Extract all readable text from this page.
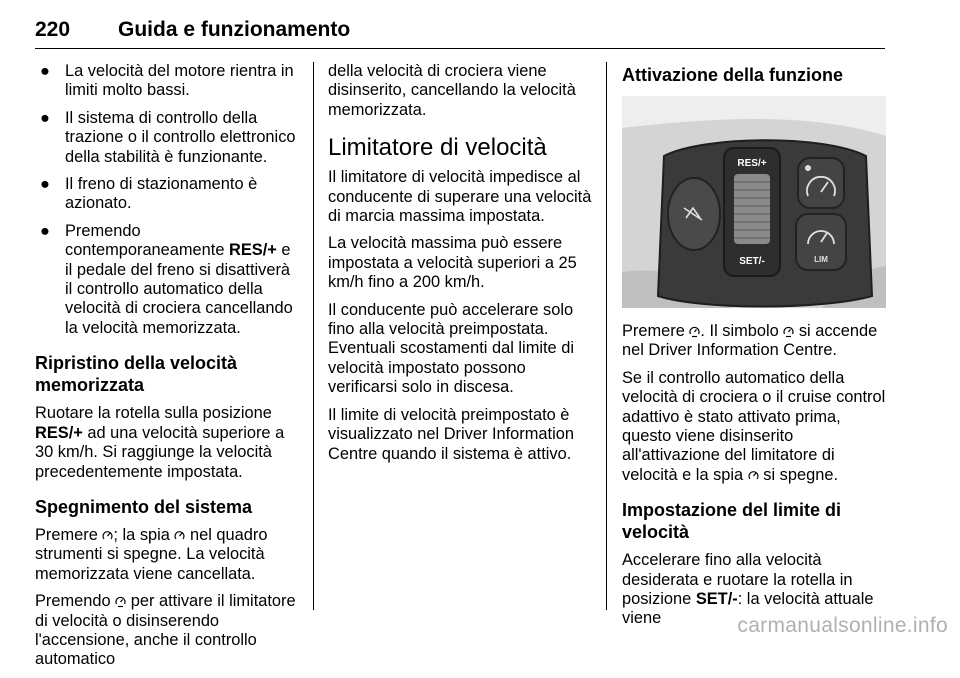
220 Guida e funzionamento
● La velocità del motore rientra in limiti molto bassi.
● Il sistema di controllo della trazione o il controllo elettronico della stabilità è funzionante.
● Il freno di stazionamento è azionato.
● Premendo contemporaneamente RES/+ e il pedale del freno si disattiverà il controllo automatico della velocità di crociera cancellando la velocità memorizzata.
Ripristino della velocità memorizzata

Ruotare la rotella sulla posizione RES/+ ad una velocità superiore a 30 km/h. Si raggiunge la velocità precedentemente impostata.

Spegnimento del sistema

Premere ; la spia  nel quadro strumenti si spegne. La velocità memorizzata viene cancellata.

Premendo  per attivare il limitatore di velocità o disinserendo l'accensione, anche il controllo automatico

della velocità di crociera viene disinserito, cancellando la velocità memorizzata.

Limitatore di velocità

Il limitatore di velocità impedisce al conducente di superare una velocità di marcia massima impostata.

La velocità massima può essere impostata a velocità superiori a 25 km/h fino a 200 km/h.

Il conducente può accelerare solo fino alla velocità preimpostata. Eventuali scostamenti dal limite di velocità impostato possono verificarsi solo in discesa.

Il limite di velocità preimpostato è visualizzato nel Driver Information Centre quando il sistema è attivo.

Attivazione della funzione
RES/+
SET/-	LIM

Premere . Il simbolo  si accende nel Driver Information Centre.

Se il controllo automatico della velocità di crociera o il cruise control adattivo è stato attivato prima, questo viene disinserito all'attivazione del limitatore di velocità e la spia  si spegne.

Impostazione del limite di velocità

Accelerare fino alla velocità desiderata e ruotare la rotella in posizione SET/-: la velocità attuale viene	carmanualsonline.info
